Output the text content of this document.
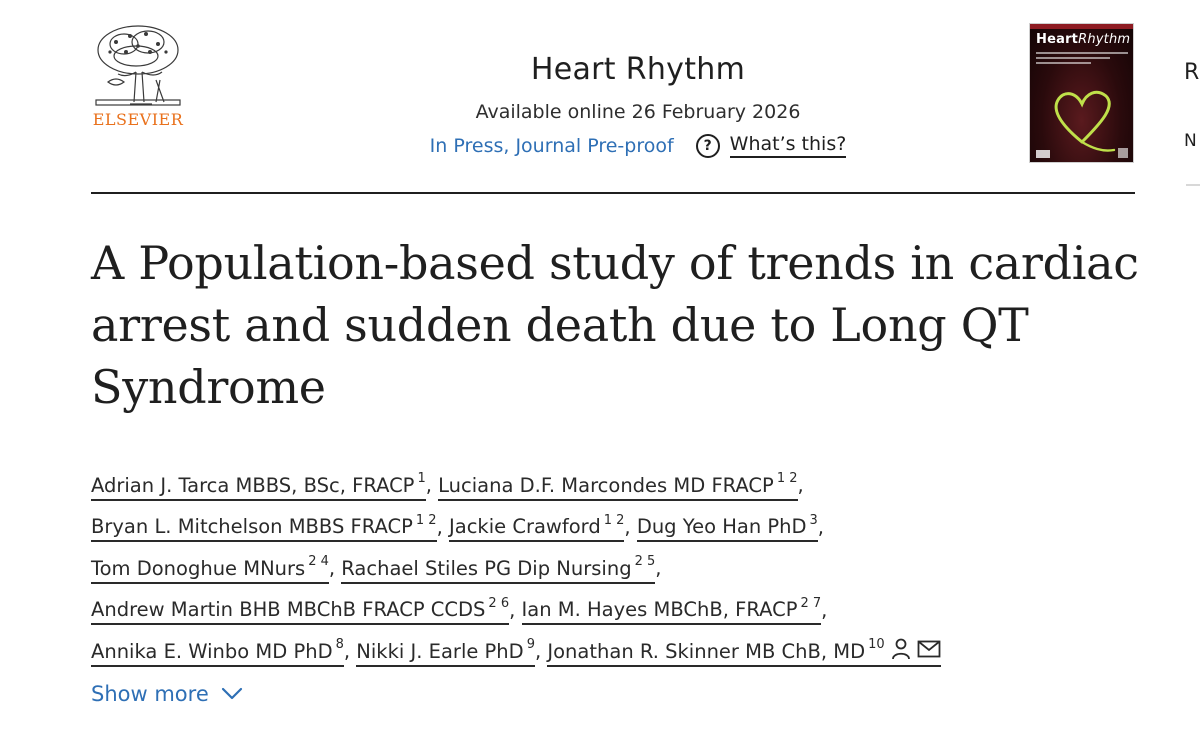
ELSEVIER
Heart Rhythm
Available online 26 February 2026
In Press, Journal Pre-proof	? What’s this?
HeartRhythm
R
N
A Population-based study of trends in cardiac arrest and sudden death due to Long QT Syndrome
Adrian J. Tarca MBBS, BSc, FRACP $^1$, Luciana D.F. Marcondes MD FRACP $^{1 2}$,
Bryan L. Mitchelson MBBS FRACP $^{1 2}$, Jackie Crawford $^{1 2}$, Dug Yeo Han PhD $^3$,
Tom Donoghue MNurs $^{2 4}$, Rachael Stiles PG Dip Nursing $^{2 5}$,
Andrew Martin BHB MBChB FRACP CCDS $^{2 6}$, Ian M. Hayes MBChB, FRACP $^{2 7}$,
Annika E. Winbo MD PhD $^8$, Nikki J. Earle PhD $^9$, Jonathan R. Skinner MB ChB, MD $^{10}$
Show more
